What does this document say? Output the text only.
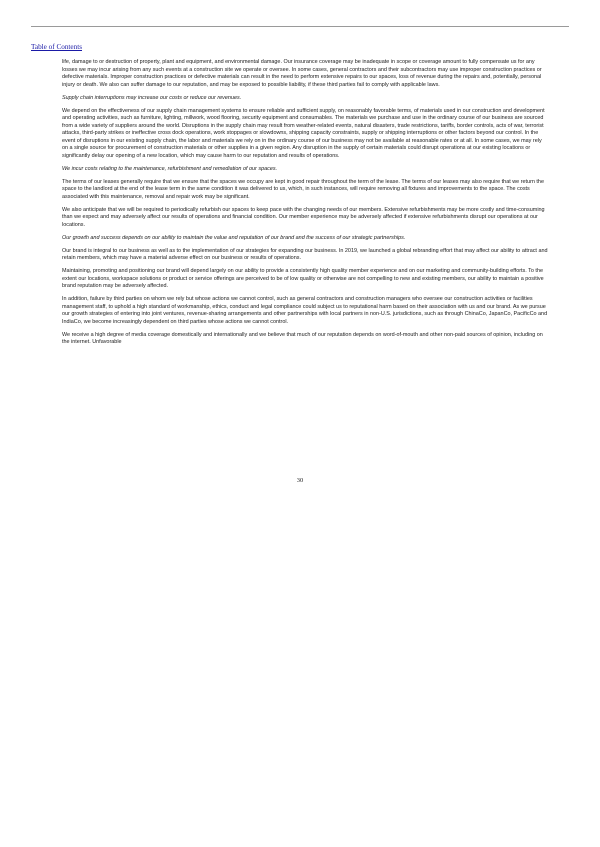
Table of Contents

life, damage to or destruction of property, plant and equipment, and environmental damage. Our insurance coverage may be inadequate in scope or coverage amount to fully compensate us for any losses we may incur arising from any such events at a construction site we operate or oversee. In some cases, general contractors and their subcontractors may use improper construction practices or defective materials. Improper construction practices or defective materials can result in the need to perform extensive repairs to our spaces, loss of revenue during the repairs and, potentially, personal injury or death. We also can suffer damage to our reputation, and may be exposed to possible liability, if these third parties fail to comply with applicable laws.

Supply chain interruptions may increase our costs or reduce our revenues.

We depend on the effectiveness of our supply chain management systems to ensure reliable and sufficient supply, on reasonably favorable terms, of materials used in our construction and development and operating activities, such as furniture, lighting, millwork, wood flooring, security equipment and consumables. The materials we purchase and use in the ordinary course of our business are sourced from a wide variety of suppliers around the world. Disruptions in the supply chain may result from weather-related events, natural disasters, trade restrictions, tariffs, border controls, acts of war, terrorist attacks, third-party strikes or ineffective cross dock operations, work stoppages or slowdowns, shipping capacity constraints, supply or shipping interruptions or other factors beyond our control. In the event of disruptions in our existing supply chain, the labor and materials we rely on in the ordinary course of our business may not be available at reasonable rates or at all. In some cases, we may rely on a single source for procurement of construction materials or other supplies in a given region. Any disruption in the supply of certain materials could disrupt operations at our existing locations or significantly delay our opening of a new location, which may cause harm to our reputation and results of operations.

We incur costs relating to the maintenance, refurbishment and remediation of our spaces.

The terms of our leases generally require that we ensure that the spaces we occupy are kept in good repair throughout the term of the lease. The terms of our leases may also require that we return the space to the landlord at the end of the lease term in the same condition it was delivered to us, which, in such instances, will require removing all fixtures and improvements to the space. The costs associated with this maintenance, removal and repair work may be significant.

We also anticipate that we will be required to periodically refurbish our spaces to keep pace with the changing needs of our members. Extensive refurbishments may be more costly and time-consuming than we expect and may adversely affect our results of operations and financial condition. Our member experience may be adversely affected if extensive refurbishments disrupt our operations at our locations.

Our growth and success depends on our ability to maintain the value and reputation of our brand and the success of our strategic partnerships.

Our brand is integral to our business as well as to the implementation of our strategies for expanding our business. In 2019, we launched a global rebranding effort that may affect our ability to attract and retain members, which may have a material adverse effect on our business or results of operations.

Maintaining, promoting and positioning our brand will depend largely on our ability to provide a consistently high quality member experience and on our marketing and community-building efforts. To the extent our locations, workspace solutions or product or service offerings are perceived to be of low quality or otherwise are not compelling to new and existing members, our ability to maintain a positive brand reputation may be adversely affected.

In addition, failure by third parties on whom we rely but whose actions we cannot control, such as general contractors and construction managers who oversee our construction activities or facilities management staff, to uphold a high standard of workmanship, ethics, conduct and legal compliance could subject us to reputational harm based on their association with us and our brand. As we pursue our growth strategies of entering into joint ventures, revenue-sharing arrangements and other partnerships with local partners in non-U.S. jurisdictions, such as through ChinaCo, JapanCo, PacificCo and IndiaCo, we become increasingly dependent on third parties whose actions we cannot control.

We receive a high degree of media coverage domestically and internationally and we believe that much of our reputation depends on word-of-mouth and other non-paid sources of opinion, including on the internet. Unfavorable

30
